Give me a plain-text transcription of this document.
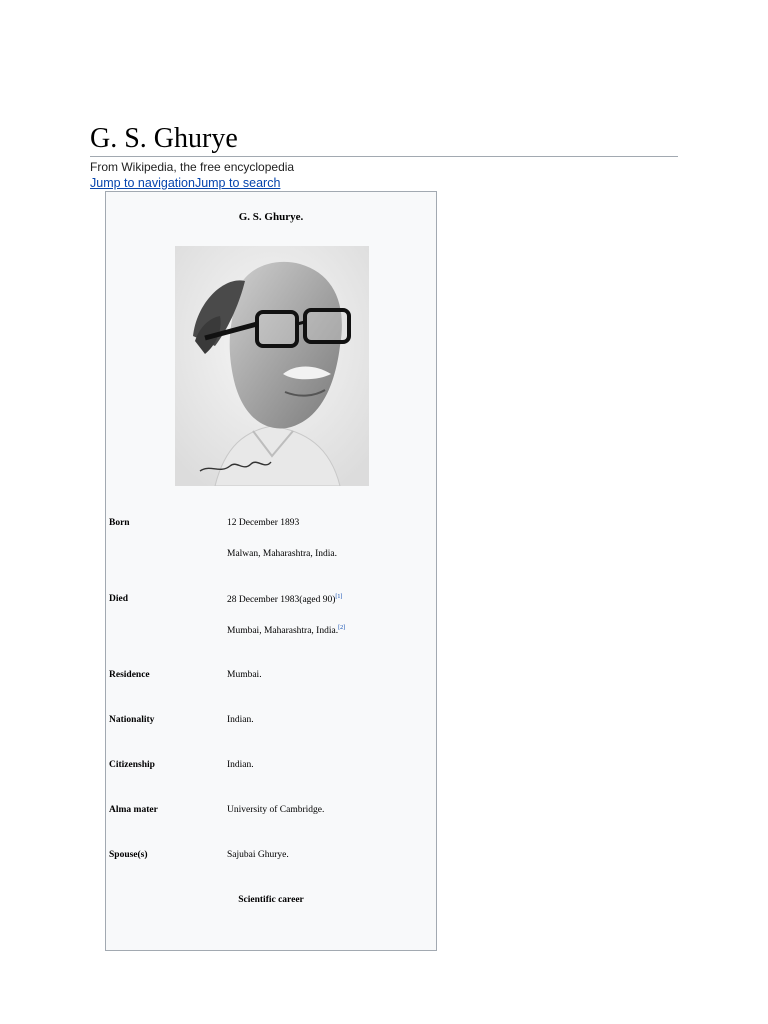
G. S. Ghurye
From Wikipedia, the free encyclopedia
Jump to navigationJump to search
G. S. Ghurye.
Born	12 December 1893
Malwan, Maharashtra, India.
Died	28 December 1983(aged 90)[1]
Mumbai, Maharashtra, India.[2]
Residence	Mumbai.
Nationality	Indian.
Citizenship	Indian.
Alma mater	University of Cambridge.
Spouse(s)	Sajubai Ghurye.
Scientific career
